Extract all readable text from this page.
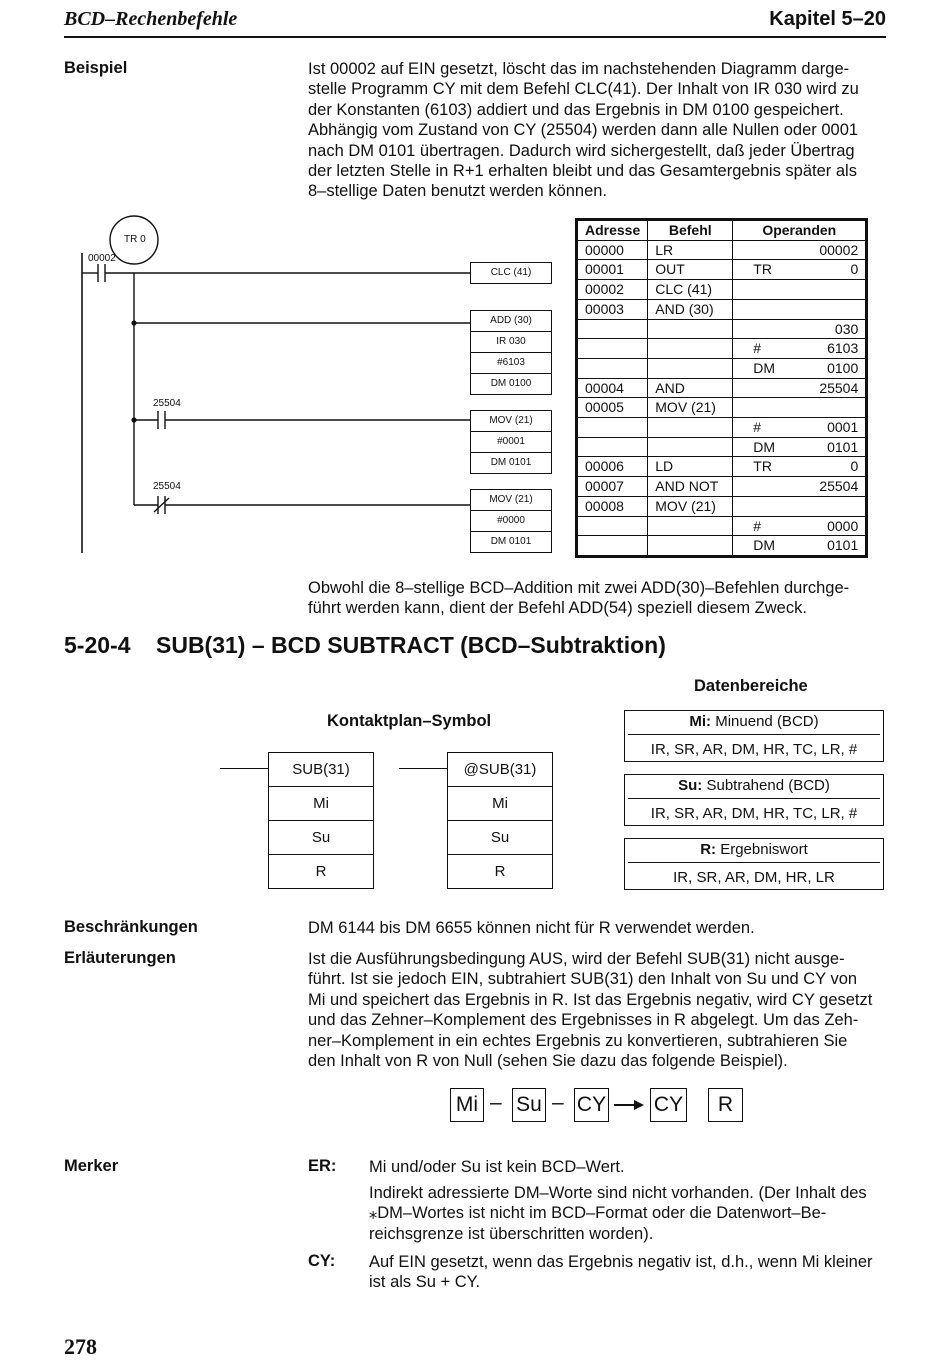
BCD–Rechenbefehle	Kapitel 5–20
Beispiel	Ist 00002 auf EIN gesetzt, löscht das im nachstehenden Diagramm darge-
stelle Programm CY mit dem Befehl CLC(41). Der Inhalt von IR 030 wird zu
der Konstanten (6103) addiert und das Ergebnis in DM 0100 gespeichert.
Abhängig vom Zustand von CY (25504) werden dann alle Nullen oder 0001
nach DM 0101 übertragen. Dadurch wird sichergestellt, daß jeder Übertrag
der letzten Stelle in R+1 erhalten bleibt und das Gesamtergebnis später als
8–stellige Daten benutzt werden können.
TR 0
00002
25504
25504
CLC (41)
ADD (30)
IR 030
#6103
DM 0100
MOV (21)
#0001
DM 0101
MOV (21)
#0000
DM 0101
Adresse	Befehl	Operanden	
00000	LR		00002
00001	OUT	TR	0
00002	CLC (41)		
00003	AND (30)		
			030
		#	6103
		DM	0100
00004	AND		25504
00005	MOV (21)		
		#	0001
		DM	0101
00006	LD	TR	0
00007	AND NOT		25504
00008	MOV (21)		
		#	0000
		DM	0101
Obwohl die 8–stellige BCD–Addition mit zwei ADD(30)–Befehlen durchge-
führt werden kann, dient der Befehl ADD(54) speziell diesem Zweck.
5-20-4 SUB(31) – BCD SUBTRACT (BCD–Subtraktion)
Kontaktplan–Symbol
SUB(31)
Mi
Su
R
@SUB(31)
Mi
Su
R
Datenbereiche
Mi: Minuend (BCD)
IR, SR, AR, DM, HR, TC, LR, #
Su: Subtrahend (BCD)
IR, SR, AR, DM, HR, TC, LR, #
R: Ergebniswort
IR, SR, AR, DM, HR, LR
Beschränkungen	DM 6144 bis DM 6655 können nicht für R verwendet werden.
Erläuterungen	Ist die Ausführungsbedingung AUS, wird der Befehl SUB(31) nicht ausge-
führt. Ist sie jedoch EIN, subtrahiert SUB(31) den Inhalt von Su und CY von
Mi und speichert das Ergebnis in R. Ist das Ergebnis negativ, wird CY gesetzt
und das Zehner–Komplement des Ergebnisses in R abgelegt. Um das Zeh-
ner–Komplement in ein echtes Ergebnis zu konvertieren, subtrahieren Sie
den Inhalt von R von Null (sehen Sie dazu das folgende Beispiel).
Mi – Su – CY CY	R
Merker	ER: Mi und/oder Su ist kein BCD–Wert.
Indirekt adressierte DM–Worte sind nicht vorhanden. (Der Inhalt des
⁎DM–Wortes ist nicht im BCD–Format oder die Datenwort–Be-
reichsgrenze ist überschritten worden).
CY: Auf EIN gesetzt, wenn das Ergebnis negativ ist, d.h., wenn Mi kleiner
ist als Su + CY.
278
